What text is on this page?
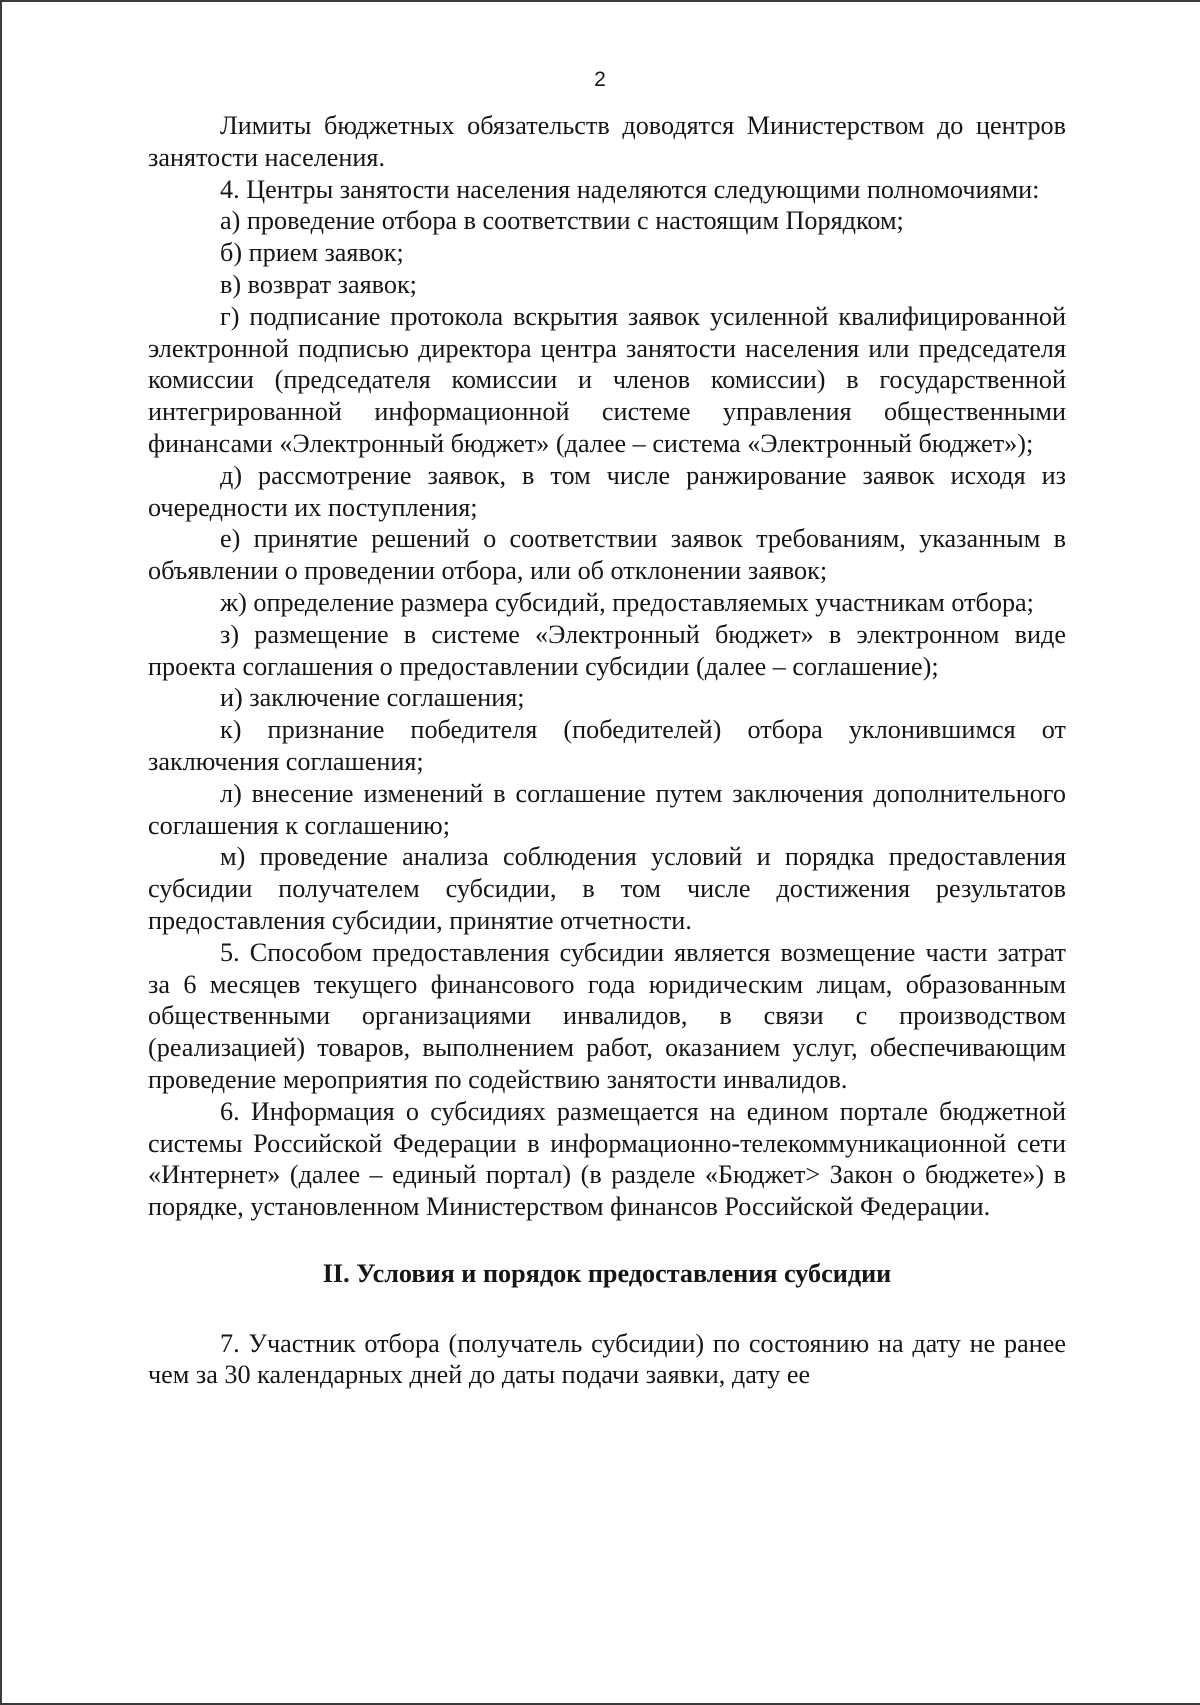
2

Лимиты бюджетных обязательств доводятся Министерством до центров занятости населения.

4. Центры занятости населения наделяются следующими полномочиями:

а) проведение отбора в соответствии с настоящим Порядком;

б) прием заявок;

в) возврат заявок;

г) подписание протокола вскрытия заявок усиленной квалифицированной электронной подписью директора центра занятости населения или председателя комиссии (председателя комиссии и членов комиссии) в государственной интегрированной информационной системе управления общественными финансами «Электронный бюджет» (далее – система «Электронный бюджет»);

д) рассмотрение заявок, в том числе ранжирование заявок исходя из очередности их поступления;

е) принятие решений о соответствии заявок требованиям, указанным в объявлении о проведении отбора, или об отклонении заявок;

ж) определение размера субсидий, предоставляемых участникам отбора;

з) размещение в системе «Электронный бюджет» в электронном виде проекта соглашения о предоставлении субсидии (далее – соглашение);

и) заключение соглашения;

к) признание победителя (победителей) отбора уклонившимся от заключения соглашения;

л) внесение изменений в соглашение путем заключения дополнительного соглашения к соглашению;

м) проведение анализа соблюдения условий и порядка предоставления субсидии получателем субсидии, в том числе достижения результатов предоставления субсидии, принятие отчетности.

5. Способом предоставления субсидии является возмещение части затрат за 6 месяцев текущего финансового года юридическим лицам, образованным общественными организациями инвалидов, в связи с производством (реализацией) товаров, выполнением работ, оказанием услуг, обеспечивающим проведение мероприятия по содействию занятости инвалидов.

6. Информация о субсидиях размещается на едином портале бюджетной системы Российской Федерации в информационно-телекоммуникационной сети «Интернет» (далее – единый портал) (в разделе «Бюджет> Закон о бюджете») в порядке, установленном Министерством финансов Российской Федерации.

II. Условия и порядок предоставления субсидии

7. Участник отбора (получатель субсидии) по состоянию на дату не ранее чем за 30 календарных дней до даты подачи заявки, дату ее
